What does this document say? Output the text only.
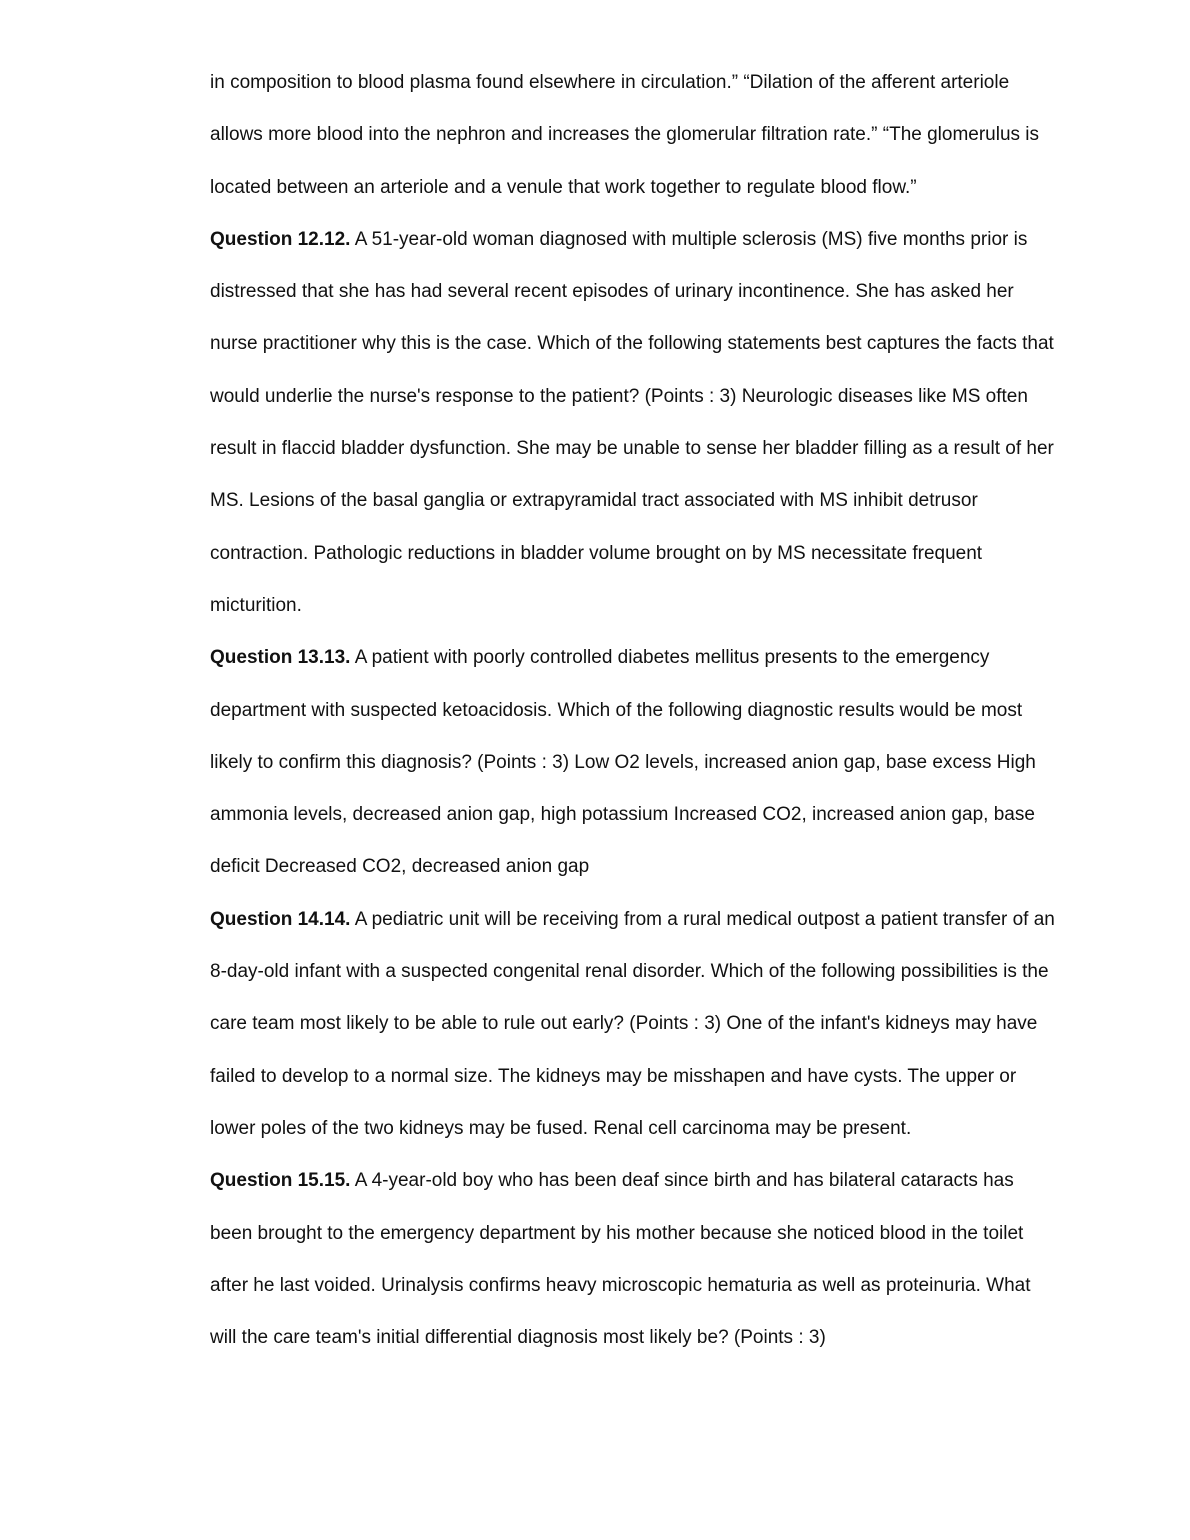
in composition to blood plasma found elsewhere in circulation.” “Dilation of the afferent arteriole allows more blood into the nephron and increases the glomerular filtration rate.” “The glomerulus is located between an arteriole and a venule that work together to regulate blood flow.”

Question 12.12. A 51-year-old woman diagnosed with multiple sclerosis (MS) five months prior is distressed that she has had several recent episodes of urinary incontinence. She has asked her nurse practitioner why this is the case. Which of the following statements best captures the facts that would underlie the nurse's response to the patient? (Points : 3) Neurologic diseases like MS often result in flaccid bladder dysfunction. She may be unable to sense her bladder filling as a result of her MS. Lesions of the basal ganglia or extrapyramidal tract associated with MS inhibit detrusor contraction. Pathologic reductions in bladder volume brought on by MS necessitate frequent micturition.

Question 13.13. A patient with poorly controlled diabetes mellitus presents to the emergency department with suspected ketoacidosis. Which of the following diagnostic results would be most likely to confirm this diagnosis? (Points : 3) Low O2 levels, increased anion gap, base excess High ammonia levels, decreased anion gap, high potassium Increased CO2, increased anion gap, base deficit Decreased CO2, decreased anion gap

Question 14.14. A pediatric unit will be receiving from a rural medical outpost a patient transfer of an 8-day-old infant with a suspected congenital renal disorder. Which of the following possibilities is the care team most likely to be able to rule out early? (Points : 3) One of the infant's kidneys may have failed to develop to a normal size. The kidneys may be misshapen and have cysts. The upper or lower poles of the two kidneys may be fused. Renal cell carcinoma may be present.

Question 15.15. A 4-year-old boy who has been deaf since birth and has bilateral cataracts has been brought to the emergency department by his mother because she noticed blood in the toilet after he last voided. Urinalysis confirms heavy microscopic hematuria as well as proteinuria. What will the care team's initial differential diagnosis most likely be? (Points : 3)
